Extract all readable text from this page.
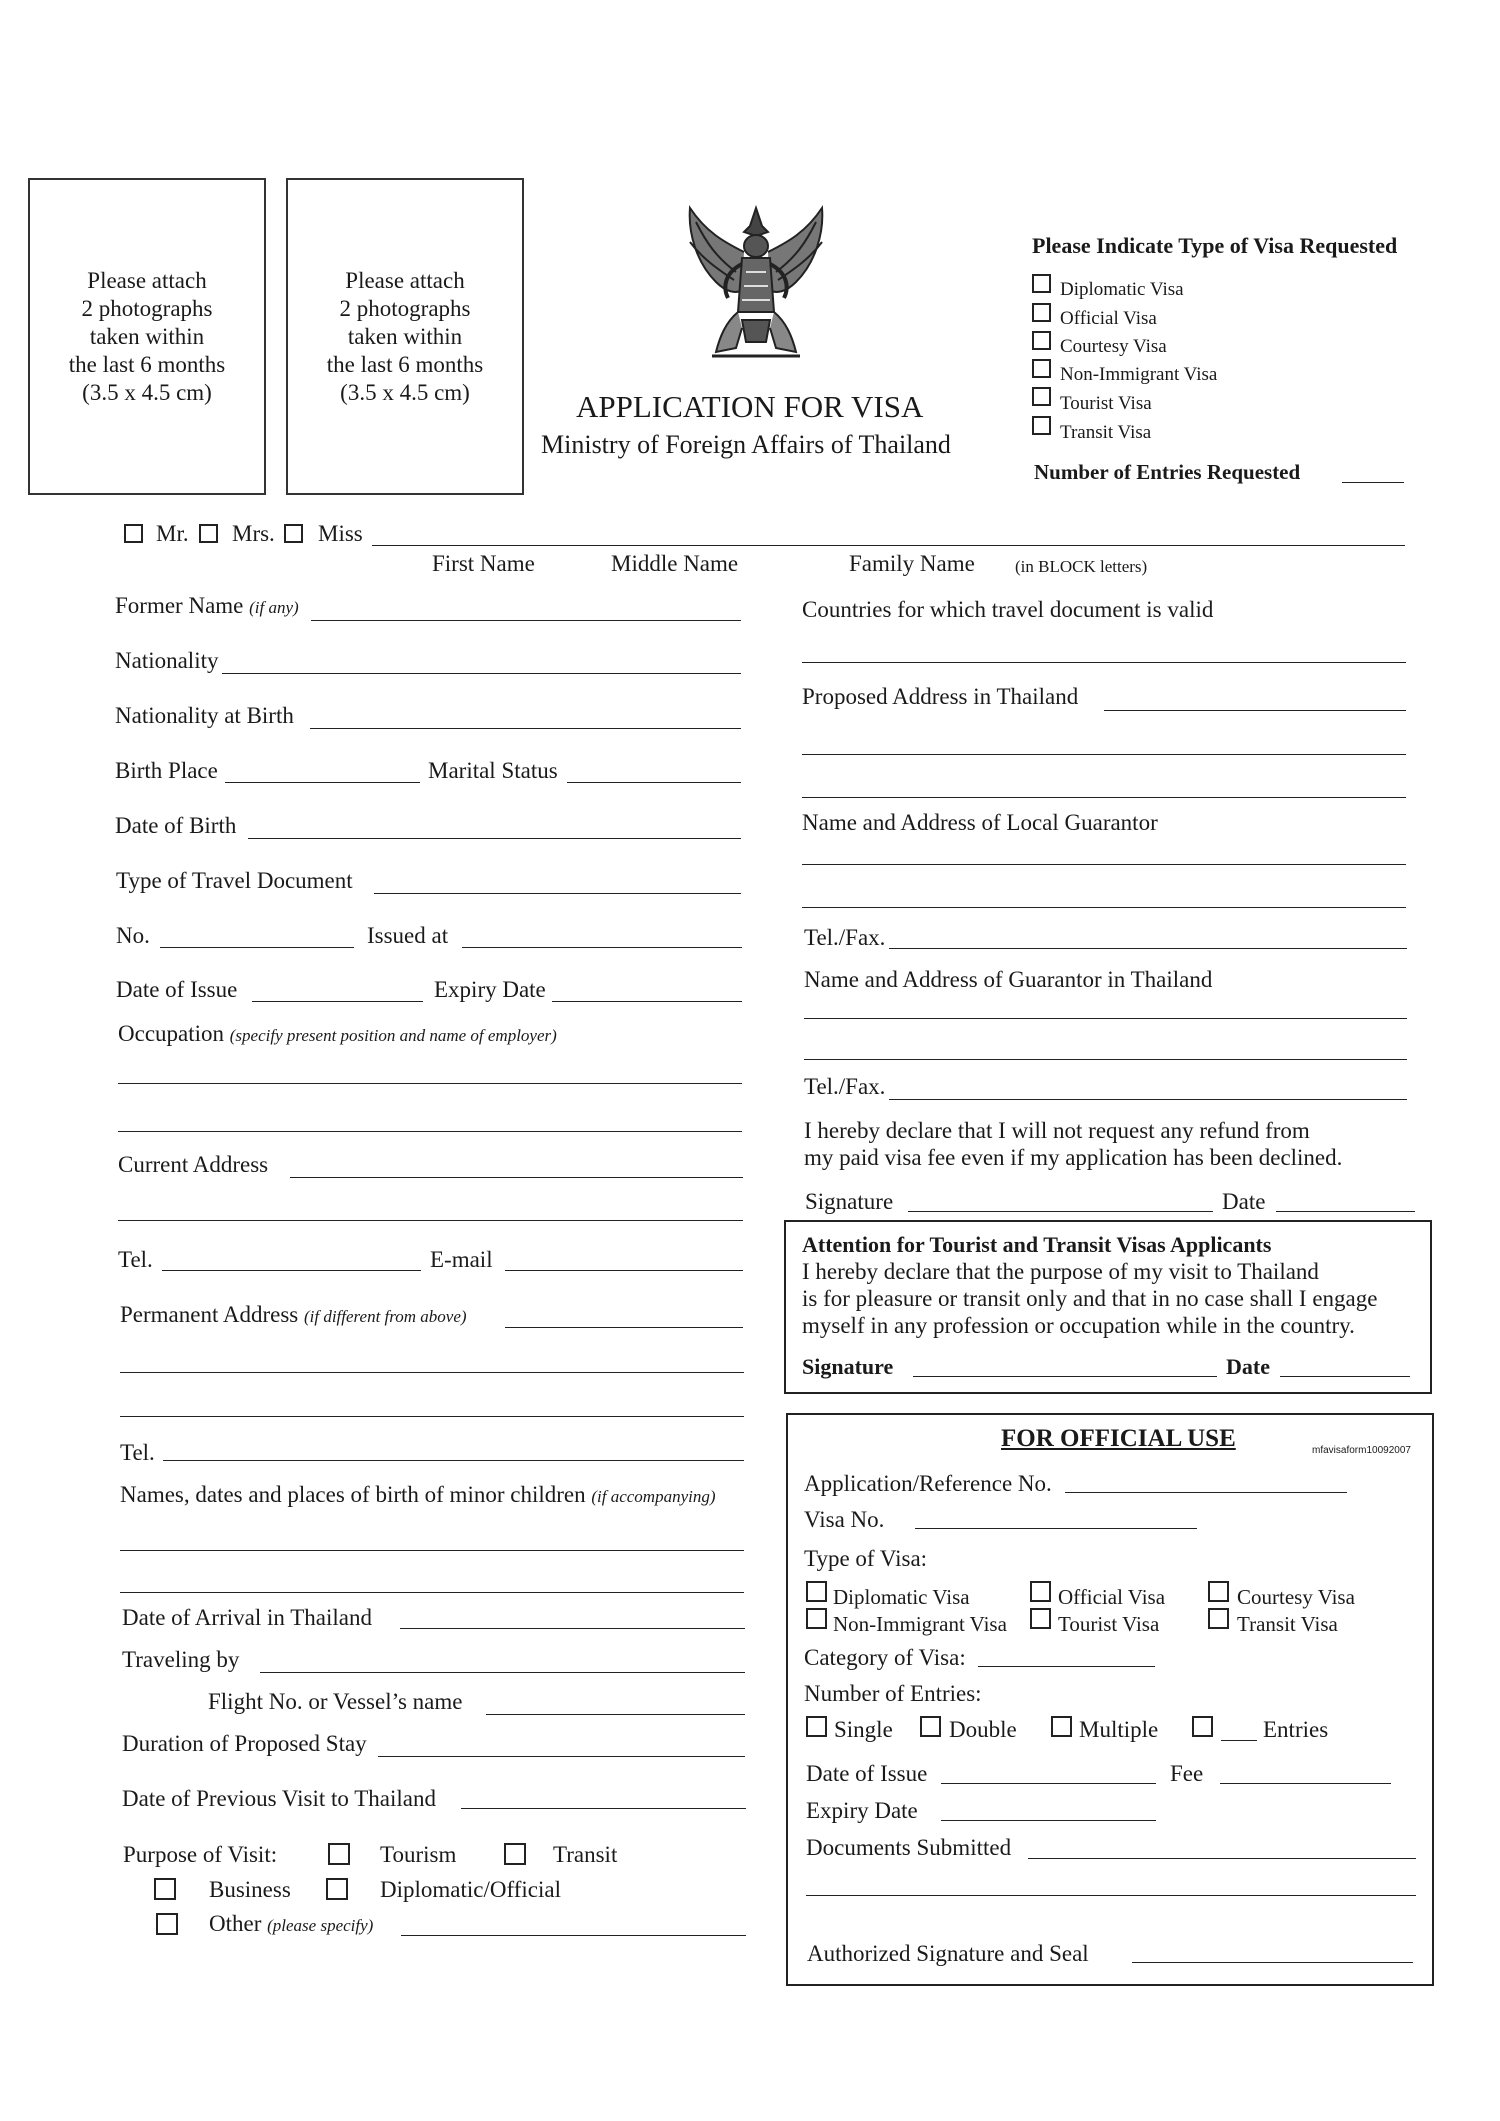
Please attach
2 photographs
taken within
the last 6 months
(3.5 x 4.5 cm)
Please attach
2 photographs
taken within
the last 6 months
(3.5 x 4.5 cm)	APPLICATION FOR VISA
Ministry of Foreign Affairs of Thailand
Please Indicate Type of Visa Requested
Diplomatic Visa
Official Visa
Courtesy Visa
Non-Immigrant Visa
Tourist Visa
Transit Visa
Number of Entries Requested
Mr. Mrs. Miss
First Name	Middle Name	Family Name (in BLOCK letters)
Former Name (if any)
Nationality
Nationality at Birth
Birth Place	Marital Status
Date of Birth
Type of Travel Document
No.	Issued at
Date of Issue	Expiry Date
Occupation (specify present position and name of employer)
Current Address
Tel.	E-mail
Permanent Address (if different from above)
Tel.
Names, dates and places of birth of minor children (if accompanying)
Date of Arrival in Thailand
Traveling by
Flight No. or Vessel’s name
Duration of Proposed Stay
Date of Previous Visit to Thailand
Purpose of Visit:	Tourism	Transit
Business	Diplomatic/Official
Other (please specify)
Countries for which travel document is valid
Proposed Address in Thailand
Name and Address of Local Guarantor
Tel./Fax.
Name and Address of Guarantor in Thailand
Tel./Fax.
I hereby declare that I will not request any refund from
my paid visa fee even if my application has been declined.
Signature	Date
Attention for Tourist and Transit Visas Applicants
I hereby declare that the purpose of my visit to Thailand
is for pleasure or transit only and that in no case shall I engage
myself in any profession or occupation while in the country.
Signature	Date
FOR OFFICIAL USE	mfavisaform10092007
Application/Reference No.
Visa No.
Type of Visa:
Diplomatic Visa	Official Visa	Courtesy Visa
Non-Immigrant Visa Tourist Visa	Transit Visa
Category of Visa:
Number of Entries:
Single Double	Multiple	Entries
Date of Issue	Fee
Expiry Date
Documents Submitted
Authorized Signature and Seal
